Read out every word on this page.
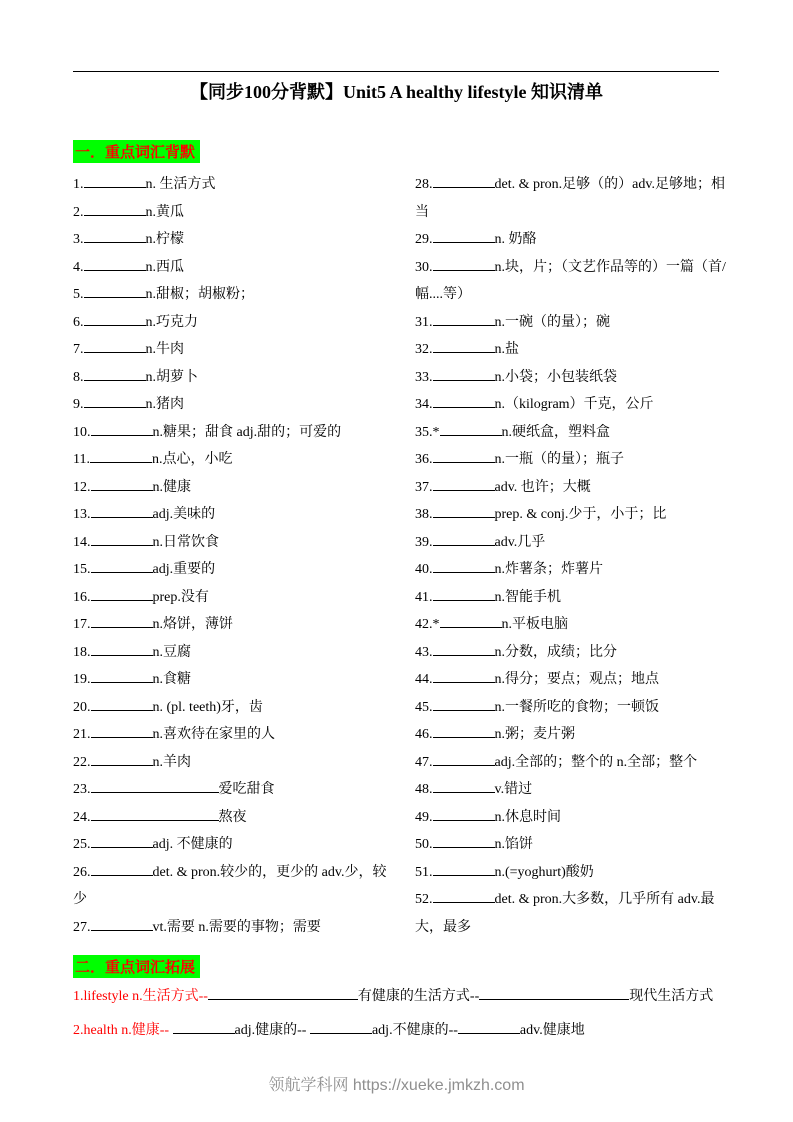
【同步100分背默】Unit5 A healthy lifestyle 知识清单
一．重点词汇背默
1.	n. 生活方式
2.	n.黄瓜
3.	n.柠檬
4.	n.西瓜
5.	n.甜椒；胡椒粉；
6.	n.巧克力
7.	n.牛肉
8.	n.胡萝卜
9.	n.猪肉
10.	n.糖果；甜食 adj.甜的；可爱的
11.	n.点心，小吃
12.	n.健康
13.	adj.美味的
14.	n.日常饮食
15.	adj.重要的
16.	prep.没有
17.	n.烙饼，薄饼
18.	n.豆腐
19.	n.食糖
20.	n. (pl. teeth)牙，齿
21.	n.喜欢待在家里的人
22.	n.羊肉
23.	爱吃甜食
24.	熬夜
25.	adj. 不健康的
26.	det. & pron.较少的，更少的 adv.少，较少
27.	vt.需要 n.需要的事物；需要
28.	det. & pron.足够（的）adv.足够地；相当
29.	n. 奶酪
30.	n.块，片；（文艺作品等的）一篇（首/幅....等）
31.	n.一碗（的量）；碗
32.	n.盐
33.	n.小袋；小包装纸袋
34.	n.（kilogram）千克，公斤
35.*	n.硬纸盒，塑料盒
36.	n.一瓶（的量）；瓶子
37.	adv. 也许；大概
38.	prep. & conj.少于，小于；比
39.	adv.几乎
40.	n.炸薯条；炸薯片
41.	n.智能手机
42.*	n.平板电脑
43.	n.分数，成绩；比分
44.	n.得分；要点；观点；地点
45.	n.一餐所吃的食物；一顿饭
46.	n.粥；麦片粥
47.	adj.全部的；整个的 n.全部；整个
48.	v.错过
49.	n.休息时间
50.	n.馅饼
51.	n.(=yoghurt)酸奶
52.	det. & pron.大多数，几乎所有 adv.最大，最多
二．重点词汇拓展
1.lifestyle n.生活方式--	有健康的生活方式--	现代生活方式
2.health n.健康--	adj.健康的--	adj.不健康的--	adv.健康地
领航学科网 https://xueke.jmkzh.com
